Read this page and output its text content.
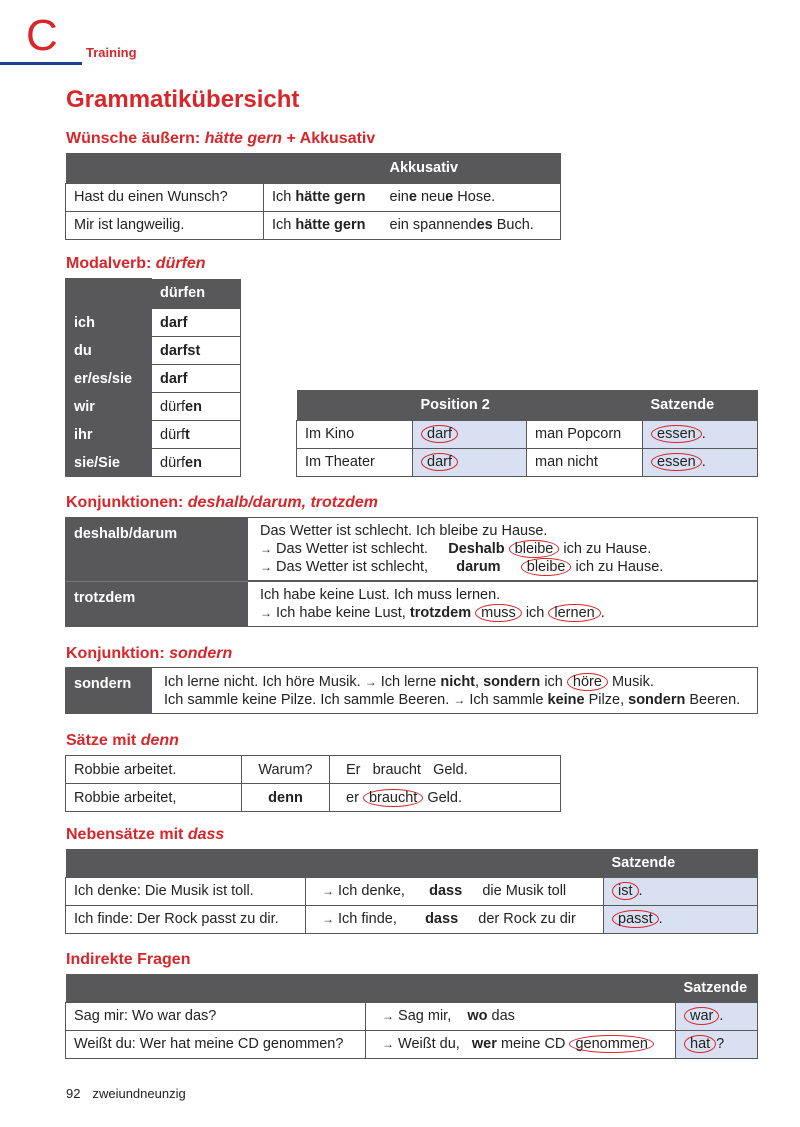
C Training
Grammatikübersicht
Wünsche äußern: hätte gern + Akkusativ
		Akkusativ
Hast du einen Wunsch?	Ich hätte gern	eine neue Hose.
Mir ist langweilig.	Ich hätte gern	ein spannendes Buch.
Modalverb: dürfen
	dürfen
ich	darf
du	darfst
er/es/sie	darf
wir	dürfen
ihr	dürft
sie/Sie	dürfen
	Position 2		Satzende
Im Kino	darf	man Popcorn	essen .
Im Theater	darf	man nicht	essen .
Konjunktionen: deshalb/darum, trotzdem
deshalb/darum	Das Wetter ist schlecht. Ich bleibe zu Hause.
→ Das Wetter ist schlecht. Deshalb bleibe ich zu Hause.
→ Das Wetter ist schlecht, darum bleibe ich zu Hause.
trotzdem	Ich habe keine Lust. Ich muss lernen.
→ Ich habe keine Lust, trotzdem muss ich lernen .
Konjunktion: sondern
sondern	Ich lerne nicht. Ich höre Musik. → Ich lerne nicht, sondern ich höre Musik.
Ich sammle keine Pilze. Ich sammle Beeren. → Ich sammle keine Pilze, sondern Beeren.
Sätze mit denn
Robbie arbeitet.	Warum?	Er braucht Geld.
Robbie arbeitet,	denn	er braucht Geld.
Nebensätze mit dass
		Satzende
Ich denke: Die Musik ist toll.	→ Ich denke, dass die Musik toll	ist .
Ich finde: Der Rock passt zu dir.	→ Ich finde, dass der Rock zu dir	passt .
Indirekte Fragen
		Satzende
Sag mir: Wo war das?	→ Sag mir, wo das	war .
Weißt du: Wer hat meine CD genommen?	→ Weißt du, wer meine CD genommen	hat ?
92 zweiundneunzig
